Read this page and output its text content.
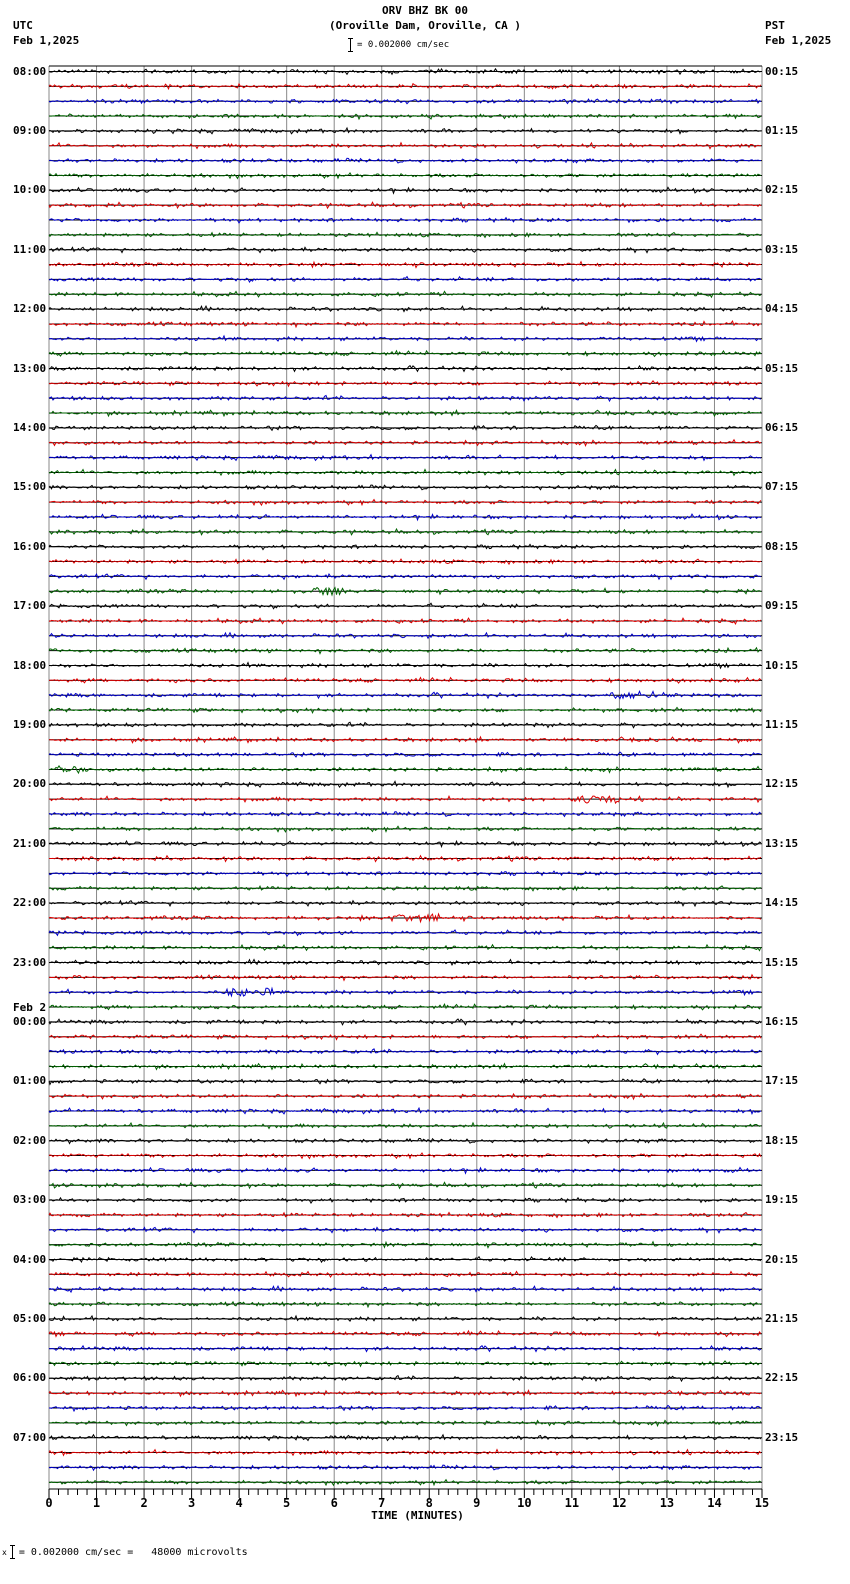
ORV BHZ BK 00
(Oroville Dam, Oroville, CA )
UTC
Feb 1,2025
PST
Feb 1,2025
= 0.002000 cm/sec
08:00	00:15
09:00	01:15
10:00	02:15
11:00	03:15
12:00	04:15
13:00	05:15
14:00	06:15
15:00	07:15
16:00	08:15
17:00	09:15
18:00	10:15
19:00	11:15
20:00	12:15
21:00	13:15
22:00	14:15
23:00	15:15
00:00	16:15
01:00	17:15
02:00	18:15
03:00	19:15
04:00	20:15
05:00	21:15
06:00	22:15
07:00	23:15
Feb 2
0	1	2	3	4	5	6	7	8	9	10	11	12	13	14	15
TIME (MINUTES)
x = 0.002000 cm/sec =   48000 microvolts
